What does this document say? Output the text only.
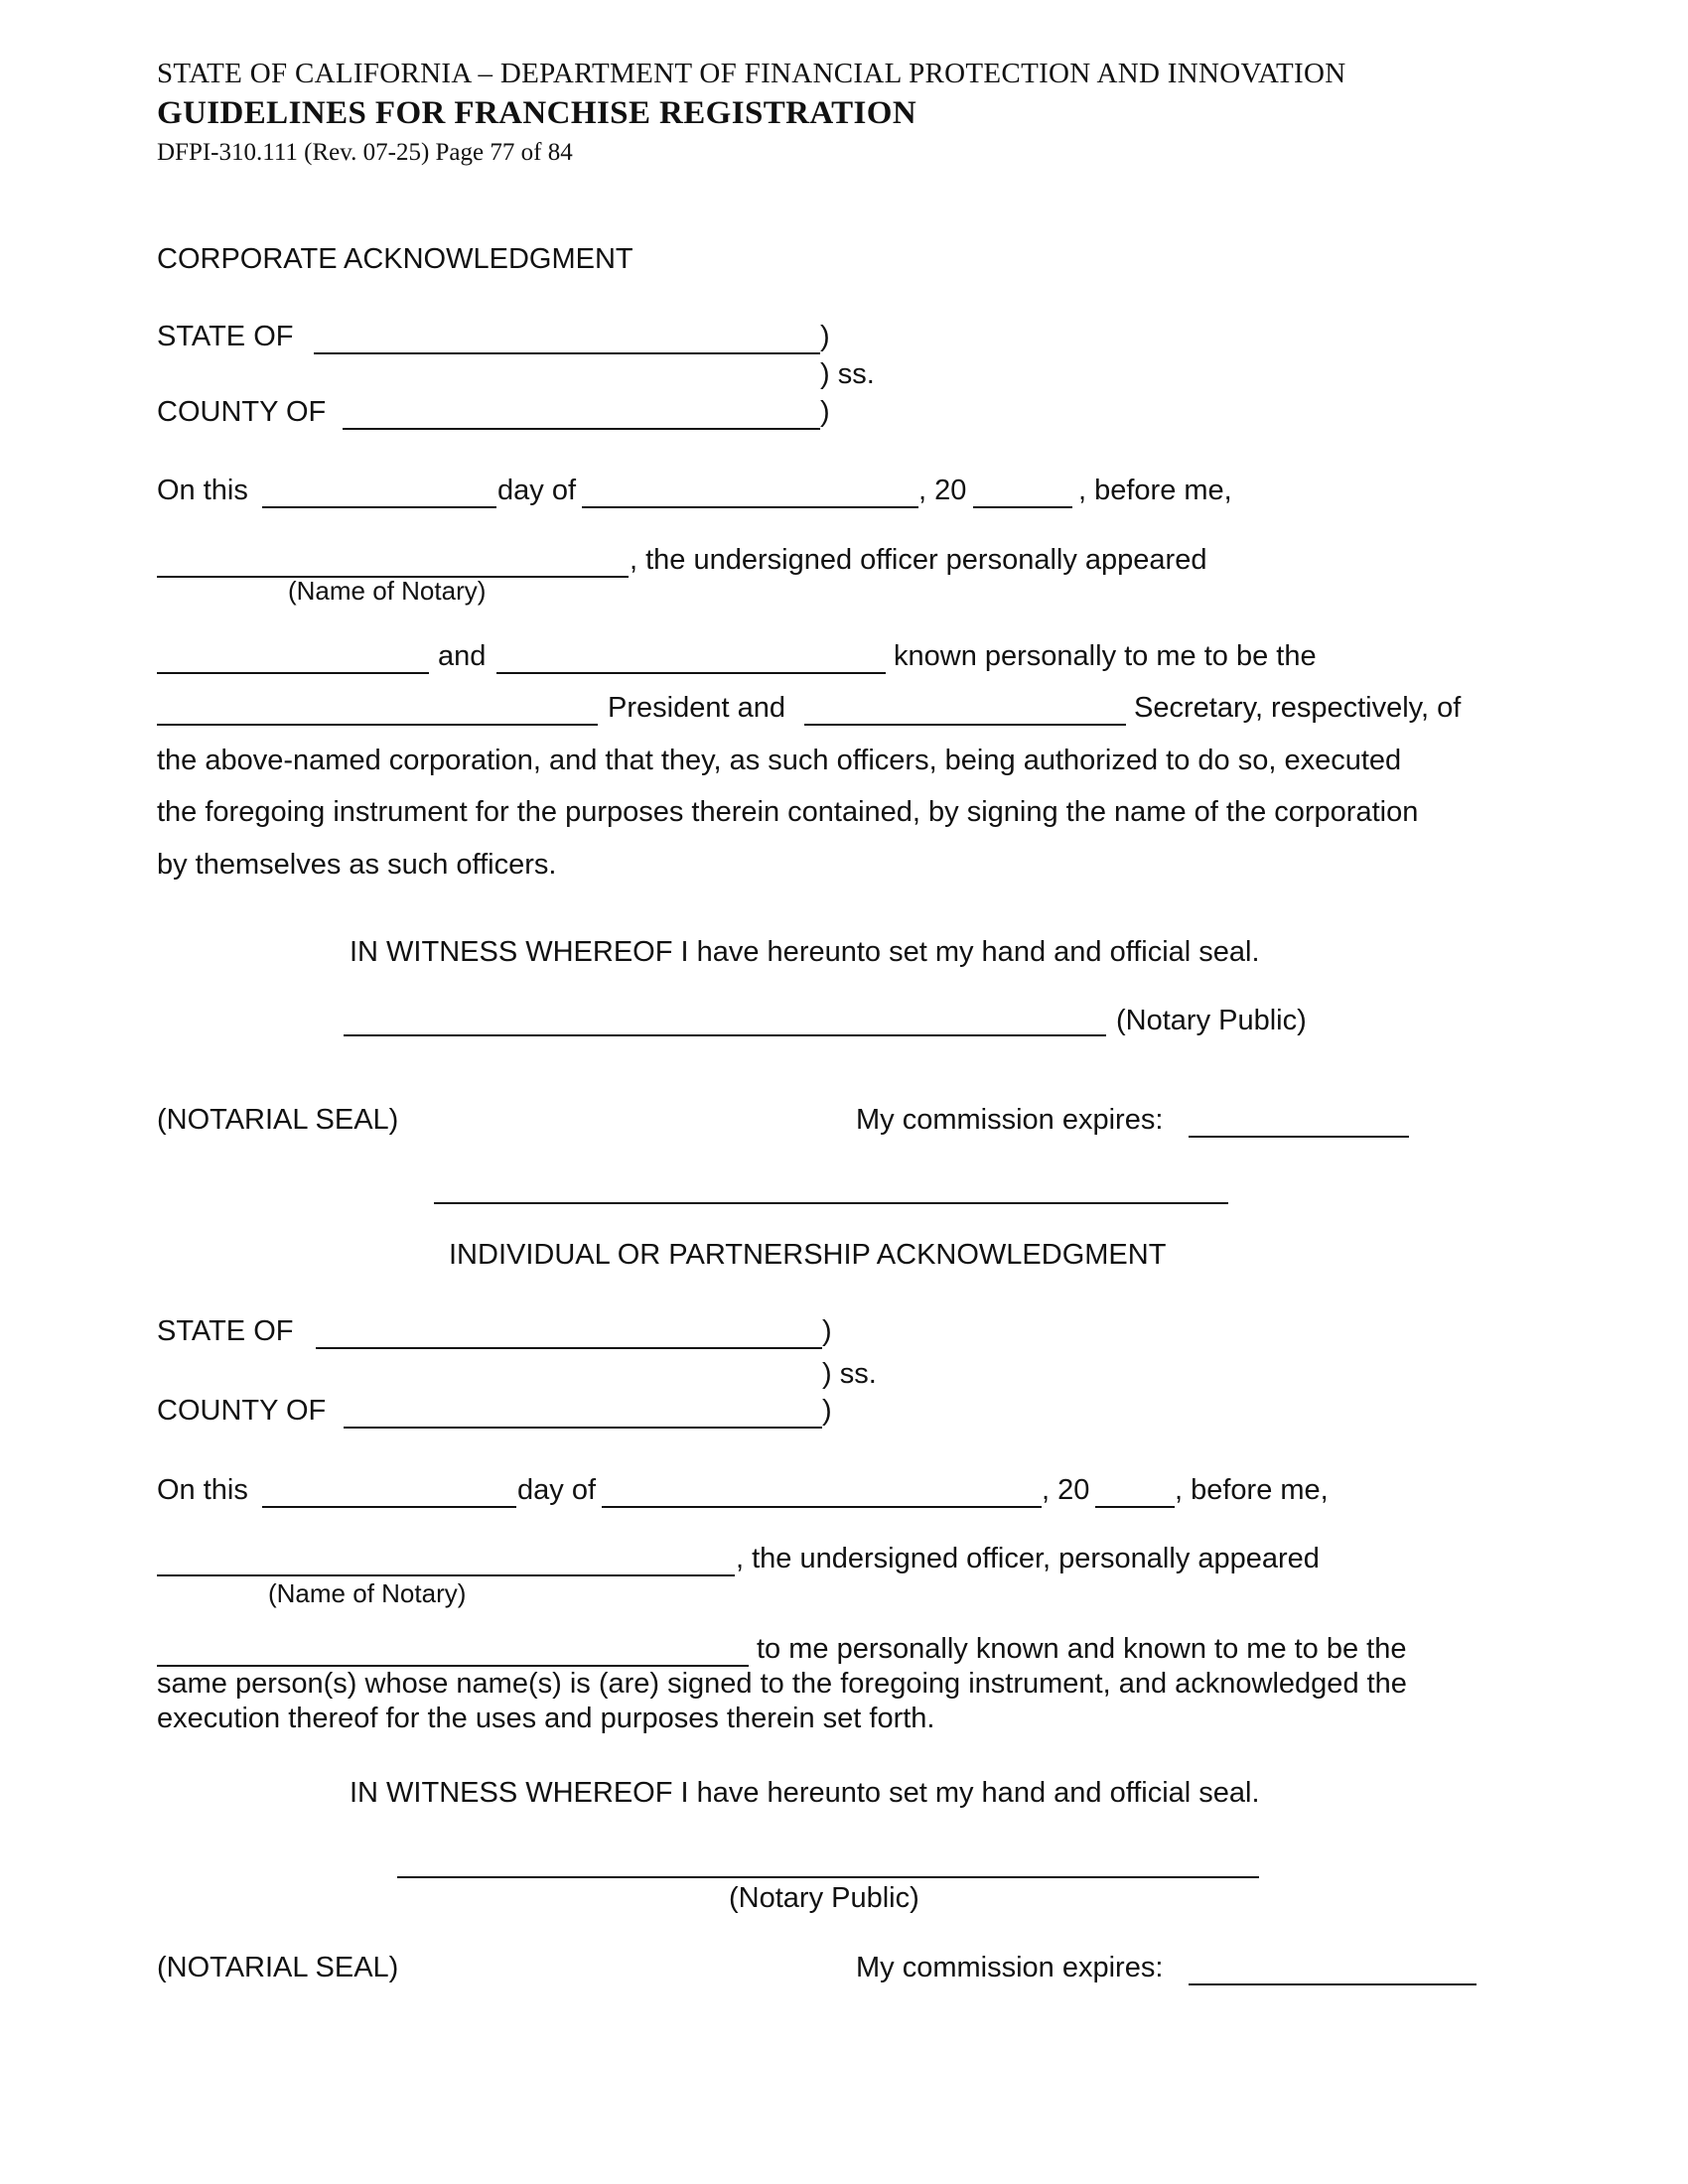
STATE OF CALIFORNIA – DEPARTMENT OF FINANCIAL PROTECTION AND INNOVATION
GUIDELINES FOR FRANCHISE REGISTRATION
DFPI-310.111 (Rev. 07-25) Page 77 of 84
CORPORATE ACKNOWLEDGMENT
STATE OF	)
) ss.
COUNTY OF	)
On this	day of	, 20	, before me,
, the undersigned officer personally appeared
(Name of Notary)
and	known personally to me to be the
President and	Secretary, respectively, of
the above-named corporation, and that they, as such officers, being authorized to do so, executed
the foregoing instrument for the purposes therein contained, by signing the name of the corporation
by themselves as such officers.
IN WITNESS WHEREOF I have hereunto set my hand and official seal.
(Notary Public)
(NOTARIAL SEAL)	My commission expires:
INDIVIDUAL OR PARTNERSHIP ACKNOWLEDGMENT
STATE OF	)
) ss.
COUNTY OF	)
On this	day of	, 20	, before me,
, the undersigned officer, personally appeared
(Name of Notary)
to me personally known and known to me to be the
same person(s) whose name(s) is (are) signed to the foregoing instrument, and acknowledged the
execution thereof for the uses and purposes therein set forth.
IN WITNESS WHEREOF I have hereunto set my hand and official seal.
(Notary Public)
(NOTARIAL SEAL)	My commission expires:
